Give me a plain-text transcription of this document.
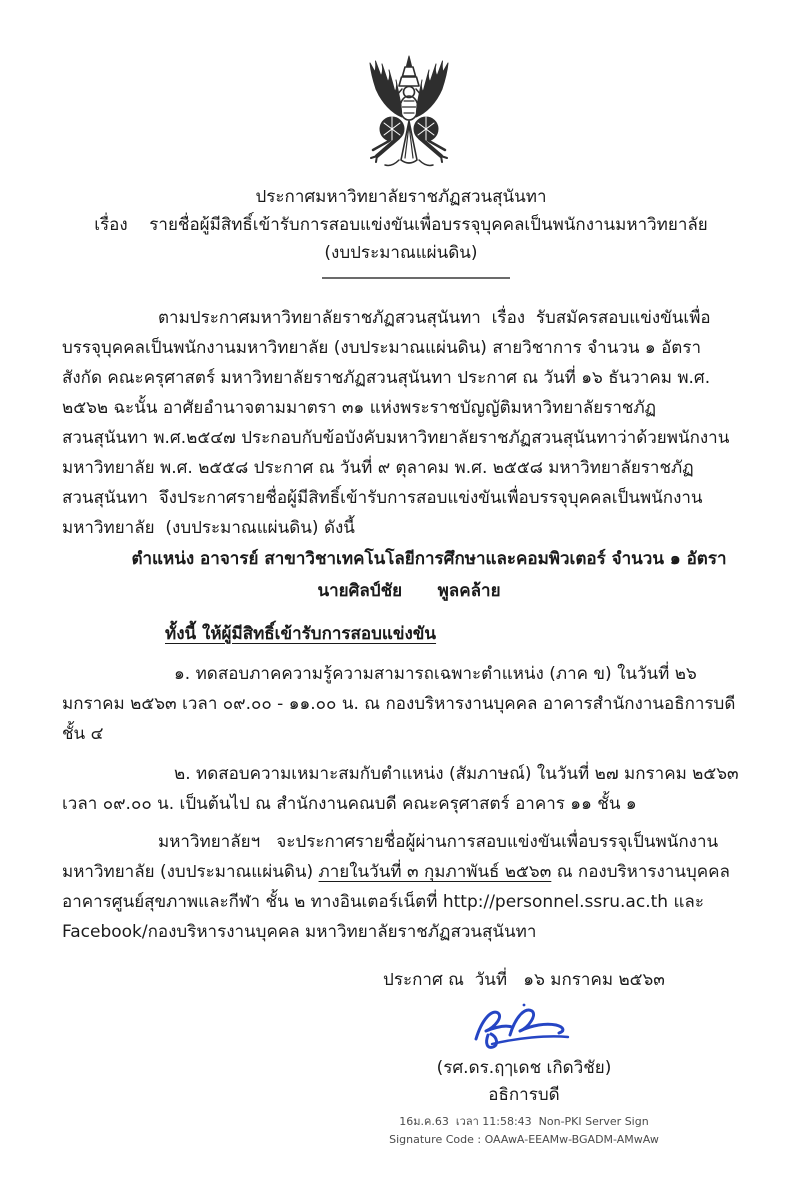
ประกาศมหาวิทยาลัยราชภัฏสวนสุนันทา
เรื่อง    รายชื่อผู้มีสิทธิ์เข้ารับการสอบแข่งขันเพื่อบรรจุบุคคลเป็นพนักงานมหาวิทยาลัย
(งบประมาณแผ่นดิน)

ตามประกาศมหาวิทยาลัยราชภัฏสวนสุนันทา  เรื่อง  รับสมัครสอบแข่งขันเพื่อบรรจุบุคคลเป็นพนักงานมหาวิทยาลัย (งบประมาณแผ่นดิน) สายวิชาการ จำนวน ๑ อัตรา สังกัด คณะครุศาสตร์ มหาวิทยาลัยราชภัฏสวนสุนันทา ประกาศ ณ วันที่ ๑๖ ธันวาคม พ.ศ. ๒๕๖๒ ฉะนั้น อาศัยอำนาจตามมาตรา ๓๑ แห่งพระราชบัญญัติมหาวิทยาลัยราชภัฏสวนสุนันทา พ.ศ.๒๕๔๗ ประกอบกับข้อบังคับมหาวิทยาลัยราชภัฏสวนสุนันทาว่าด้วยพนักงานมหาวิทยาลัย พ.ศ. ๒๕๕๘ ประกาศ ณ วันที่ ๙ ตุลาคม พ.ศ. ๒๕๕๘ มหาวิทยาลัยราชภัฏสวนสุนันทา  จึงประกาศรายชื่อผู้มีสิทธิ์เข้ารับการสอบแข่งขันเพื่อบรรจุบุคคลเป็นพนักงานมหาวิทยาลัย  (งบประมาณแผ่นดิน) ดังนี้

ตำแหน่ง อาจารย์ สาขาวิชาเทคโนโลยีการศึกษาและคอมพิวเตอร์ จำนวน ๑ อัตรา

นายศิลป์ชัย      พูลคล้าย

ทั้งนี้ ให้ผู้มีสิทธิ์เข้ารับการสอบแข่งขัน

๑. ทดสอบภาคความรู้ความสามารถเฉพาะตำแหน่ง (ภาค ข) ในวันที่ ๒๖ มกราคม ๒๕๖๓ เวลา ๐๙.๐๐ - ๑๑.๐๐ น. ณ กองบริหารงานบุคคล อาคารสำนักงานอธิการบดี ชั้น ๔

๒. ทดสอบความเหมาะสมกับตำแหน่ง (สัมภาษณ์) ในวันที่ ๒๗ มกราคม ๒๕๖๓ เวลา ๐๙.๐๐ น. เป็นต้นไป ณ สำนักงานคณบดี คณะครุศาสตร์ อาคาร ๑๑ ชั้น ๑

มหาวิทยาลัยฯ   จะประกาศรายชื่อผู้ผ่านการสอบแข่งขันเพื่อบรรจุเป็นพนักงานมหาวิทยาลัย (งบประมาณแผ่นดิน) ภายในวันที่ ๓ กุมภาพันธ์ ๒๕๖๓ ณ กองบริหารงานบุคคล อาคารศูนย์สุขภาพและกีฬา ชั้น ๒ ทางอินเตอร์เน็ตที่ http://personnel.ssru.ac.th และ Facebook/กองบริหารงานบุคคล มหาวิทยาลัยราชภัฏสวนสุนันทา

ประกาศ ณ  วันที่   ๑๖ มกราคม ๒๕๖๓

(รศ.ดร.ฤๅเดช เกิดวิชัย)

อธิการบดี

16ม.ค.63  เวลา 11:58:43  Non-PKI Server Sign

Signature Code : OAAwA-EEAMw-BGADM-AMwAw
